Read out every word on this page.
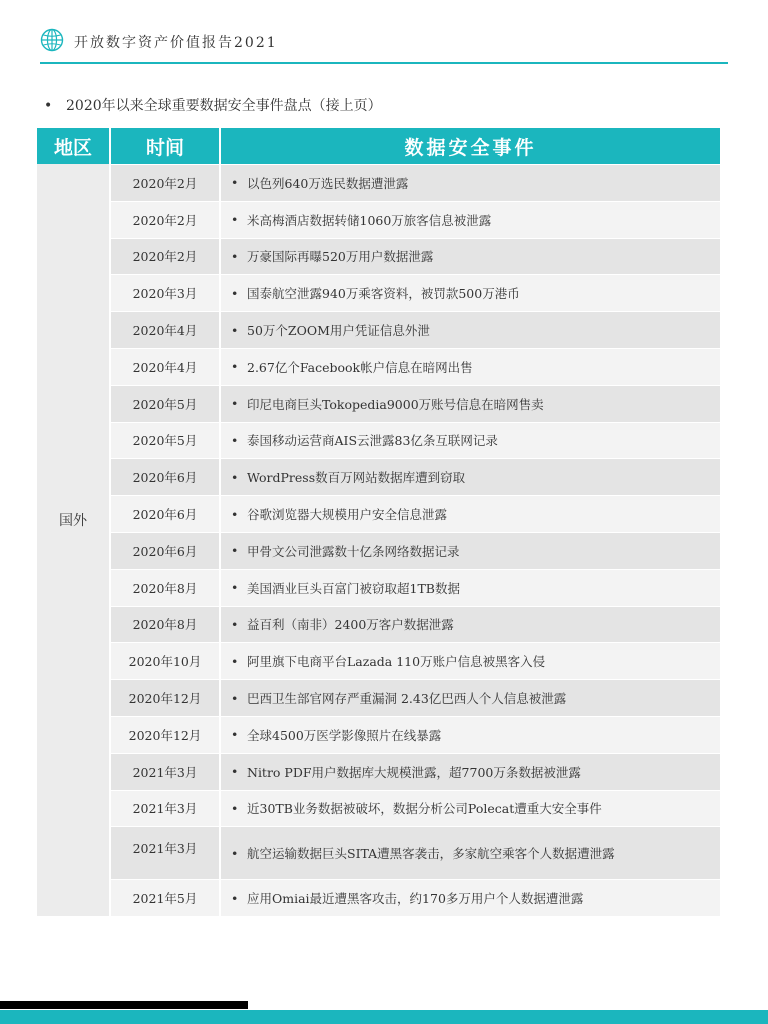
开放数字资产价值报告2021
• 2020年以来全球重要数据安全事件盘点（接上页）
地区	时间	数据安全事件
国外
2020年2月	• 以色列640万选民数据遭泄露
2020年2月	• 米高梅酒店数据转储1060万旅客信息被泄露
2020年2月	• 万豪国际再曝520万用户数据泄露
2020年3月	• 国泰航空泄露940万乘客资料，被罚款500万港币
2020年4月	• 50万个ZOOM用户凭证信息外泄
2020年4月	• 2.67亿个Facebook帐户信息在暗网出售
2020年5月	• 印尼电商巨头Tokopedia9000万账号信息在暗网售卖
2020年5月	• 泰国移动运营商AIS云泄露83亿条互联网记录
2020年6月	• WordPress数百万网站数据库遭到窃取
2020年6月	• 谷歌浏览器大规模用户安全信息泄露
2020年6月	• 甲骨文公司泄露数十亿条网络数据记录
2020年8月	• 美国酒业巨头百富门被窃取超1TB数据
2020年8月	• 益百利（南非）2400万客户数据泄露
2020年10月	• 阿里旗下电商平台Lazada 110万账户信息被黑客入侵
2020年12月	• 巴西卫生部官网存严重漏洞 2.43亿巴西人个人信息被泄露
2020年12月	• 全球4500万医学影像照片在线暴露
2021年3月	• Nitro PDF用户数据库大规模泄露，超7700万条数据被泄露
2021年3月	• 近30TB业务数据被破坏，数据分析公司Polecat遭重大安全事件
2021年3月	• 航空运输数据巨头SITA遭黑客袭击，多家航空乘客个人数据遭泄露
2021年5月	• 应用Omiai最近遭黑客攻击，约170多万用户个人数据遭泄露
